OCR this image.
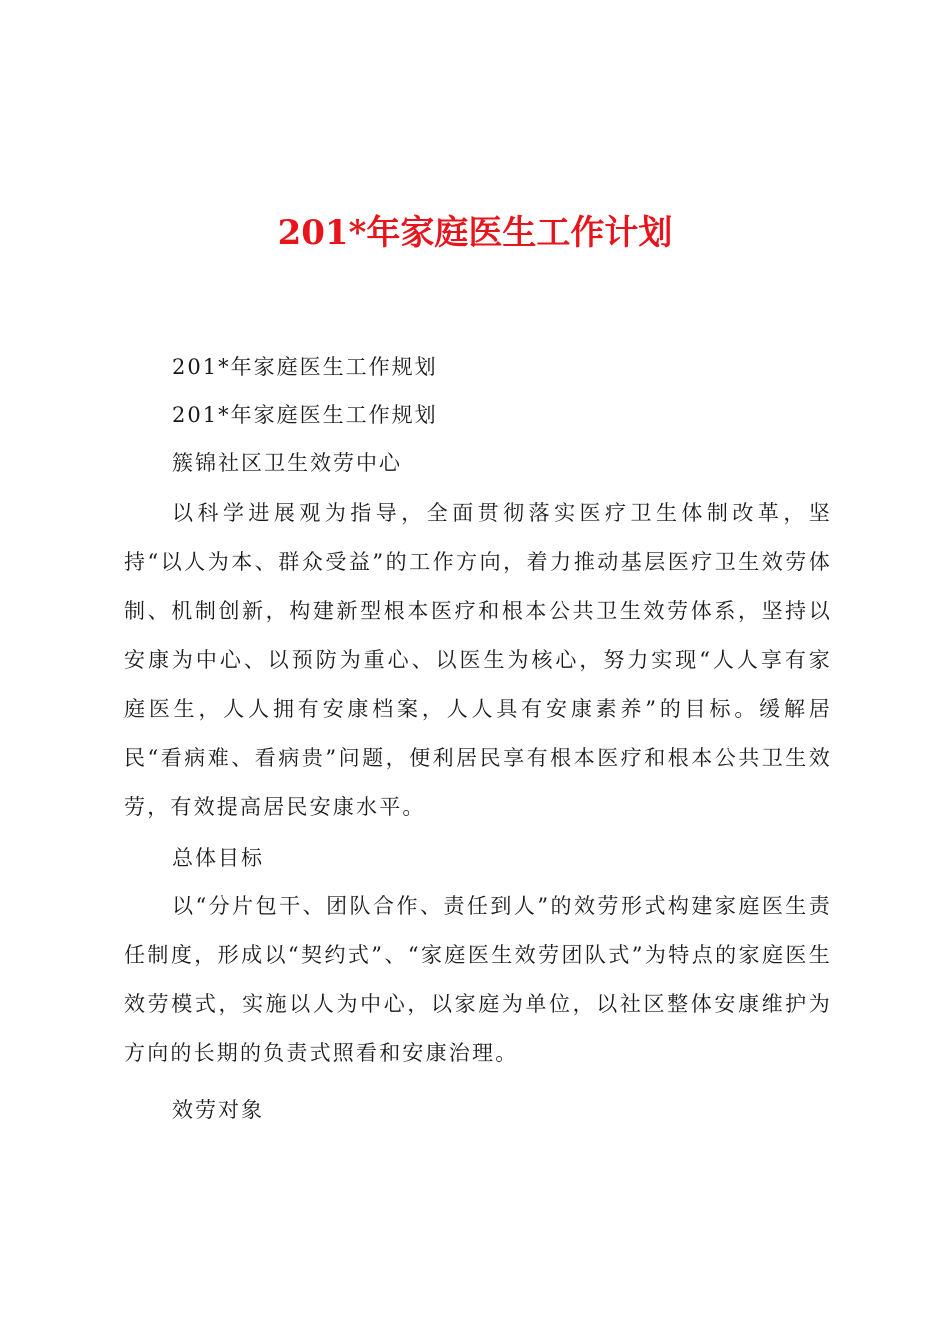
201*年家庭医生工作计划

201*年家庭医生工作规划

201*年家庭医生工作规划

簇锦社区卫生效劳中心

以科学进展观为指导，全面贯彻落实医疗卫生体制改革，坚持“以人为本、群众受益”的工作方向，着力推动基层医疗卫生效劳体制、机制创新，构建新型根本医疗和根本公共卫生效劳体系，坚持以安康为中心、以预防为重心、以医生为核心，努力实现“人人享有家庭医生，人人拥有安康档案，人人具有安康素养”的目标。缓解居民“看病难、看病贵”问题，便利居民享有根本医疗和根本公共卫生效劳，有效提高居民安康水平。

总体目标

以“分片包干、团队合作、责任到人”的效劳形式构建家庭医生责任制度，形成以“契约式”、“家庭医生效劳团队式”为特点的家庭医生效劳模式，实施以人为中心，以家庭为单位，以社区整体安康维护为方向的长期的负责式照看和安康治理。

效劳对象
